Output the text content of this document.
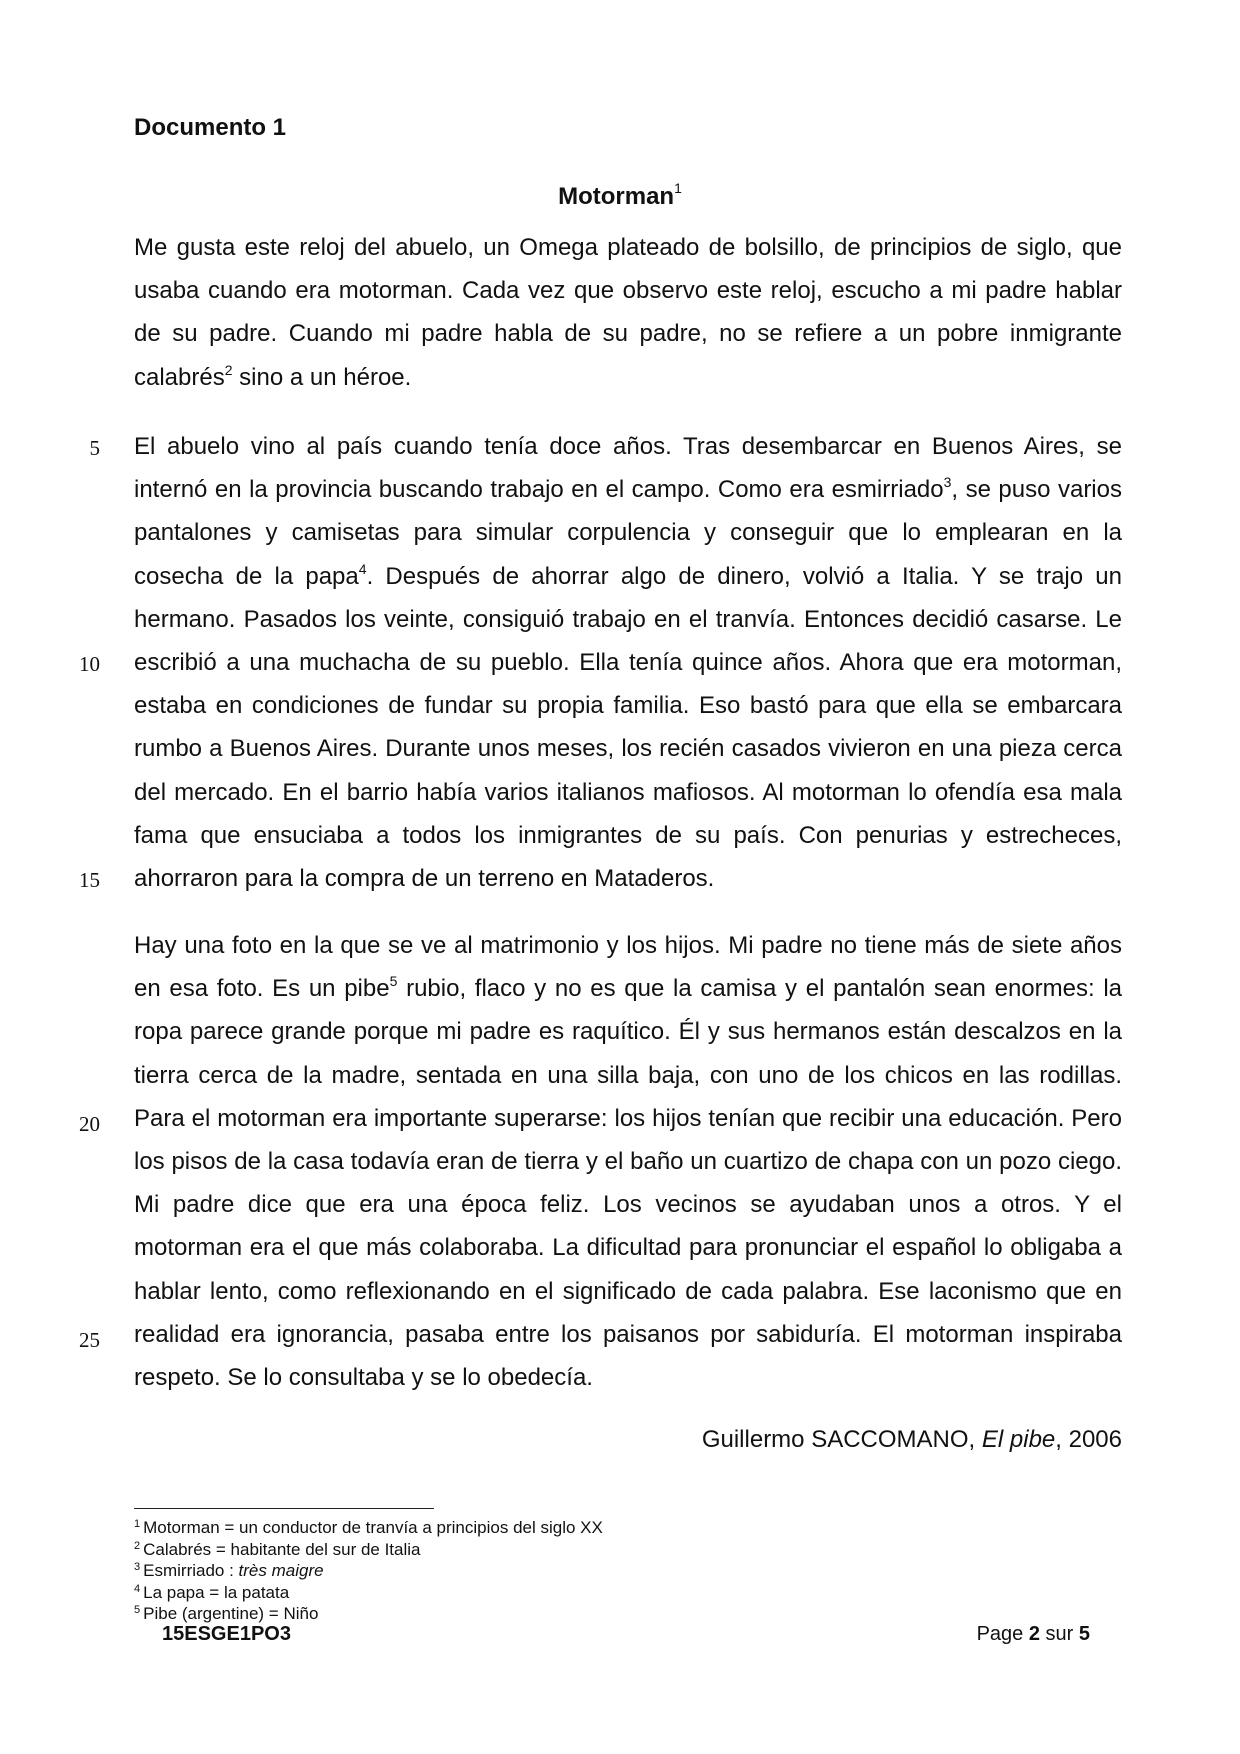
Documento 1
Motorman$^1$

Me gusta este reloj del abuelo, un Omega plateado de bolsillo, de principios de siglo, que usaba cuando era motorman. Cada vez que observo este reloj, escucho a mi padre hablar de su padre. Cuando mi padre habla de su padre, no se refiere a un pobre inmigrante calabrés$^2$ sino a un héroe.

El abuelo vino al país cuando tenía doce años. Tras desembarcar en Buenos Aires, se internó en la provincia buscando trabajo en el campo. Como era esmirriado$^3$, se puso varios pantalones y camisetas para simular corpulencia y conseguir que lo emplearan en la cosecha de la papa$^4$. Después de ahorrar algo de dinero, volvió a Italia. Y se trajo un hermano. Pasados los veinte, consiguió trabajo en el tranvía. Entonces decidió casarse. Le escribió a una muchacha de su pueblo. Ella tenía quince años. Ahora que era motorman, estaba en condiciones de fundar su propia familia. Eso bastó para que ella se embarcara rumbo a Buenos Aires. Durante unos meses, los recién casados vivieron en una pieza cerca del mercado. En el barrio había varios italianos mafiosos. Al motorman lo ofendía esa mala fama que ensuciaba a todos los inmigrantes de su país. Con penurias y estrecheces, ahorraron para la compra de un terreno en Mataderos.

Hay una foto en la que se ve al matrimonio y los hijos. Mi padre no tiene más de siete años en esa foto. Es un pibe$^5$ rubio, flaco y no es que la camisa y el pantalón sean enormes: la ropa parece grande porque mi padre es raquítico. Él y sus hermanos están descalzos en la tierra cerca de la madre, sentada en una silla baja, con uno de los chicos en las rodillas. Para el motorman era importante superarse: los hijos tenían que recibir una educación. Pero los pisos de la casa todavía eran de tierra y el baño un cuartizo de chapa con un pozo ciego. Mi padre dice que era una época feliz. Los vecinos se ayudaban unos a otros. Y el motorman era el que más colaboraba. La dificultad para pronunciar el español lo obligaba a hablar lento, como reflexionando en el significado de cada palabra. Ese laconismo que en realidad era ignorancia, pasaba entre los paisanos por sabiduría. El motorman inspiraba respeto. Se lo consultaba y se lo obedecía.

5
10
15
20
25
Guillermo SACCOMANO, El pibe, 2006
$^1$ Motorman = un conductor de tranvía a principios del siglo XX
$^2$ Calabrés = habitante del sur de Italia
$^3$ Esmirriado : très maigre
$^4$ La papa = la patata
$^5$ Pibe (argentine) = Niño
15ESGE1PO3	Page 2 sur 5
